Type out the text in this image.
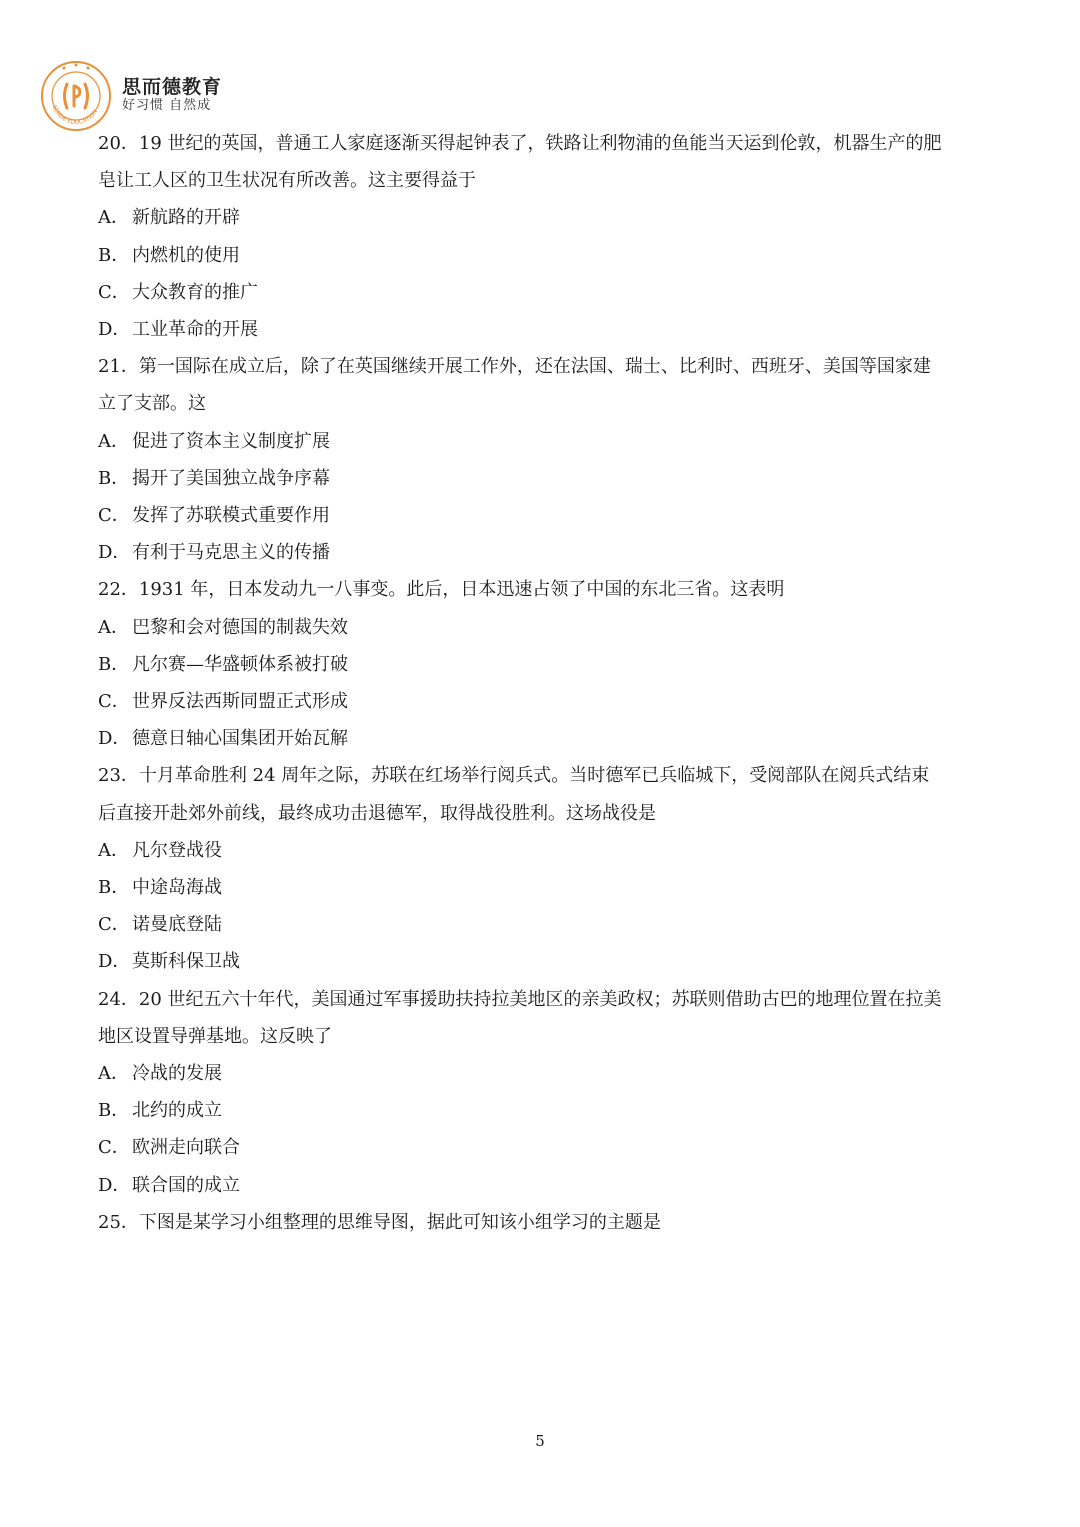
SERDE EDUCATION
思而德教育
好习惯 自然成
20．19 世纪的英国，普通工人家庭逐渐买得起钟表了，铁路让利物浦的鱼能当天运到伦敦，机器生产的肥
皂让工人区的卫生状况有所改善。这主要得益于
A． 新航路的开辟
B． 内燃机的使用
C． 大众教育的推广
D．工业革命的开展
21．第一国际在成立后，除了在英国继续开展工作外，还在法国、瑞士、比利时、西班牙、美国等国家建
立了支部。这
A． 促进了资本主义制度扩展
B． 揭开了美国独立战争序幕
C． 发挥了苏联模式重要作用
D．有利于马克思主义的传播
22．1931 年，日本发动九一八事变。此后，日本迅速占领了中国的东北三省。这表明
A． 巴黎和会对德国的制裁失效
B． 凡尔赛—华盛顿体系被打破
C． 世界反法西斯同盟正式形成
D．德意日轴心国集团开始瓦解
23．十月革命胜利 24 周年之际，苏联在红场举行阅兵式。当时德军已兵临城下，受阅部队在阅兵式结束
后直接开赴郊外前线，最终成功击退德军，取得战役胜利。这场战役是
A． 凡尔登战役
B． 中途岛海战
C． 诺曼底登陆
D．莫斯科保卫战
24．20 世纪五六十年代，美国通过军事援助扶持拉美地区的亲美政权；苏联则借助古巴的地理位置在拉美
地区设置导弹基地。这反映了
A． 冷战的发展
B． 北约的成立
C． 欧洲走向联合
D．联合国的成立
25．下图是某学习小组整理的思维导图，据此可知该小组学习的主题是
5
